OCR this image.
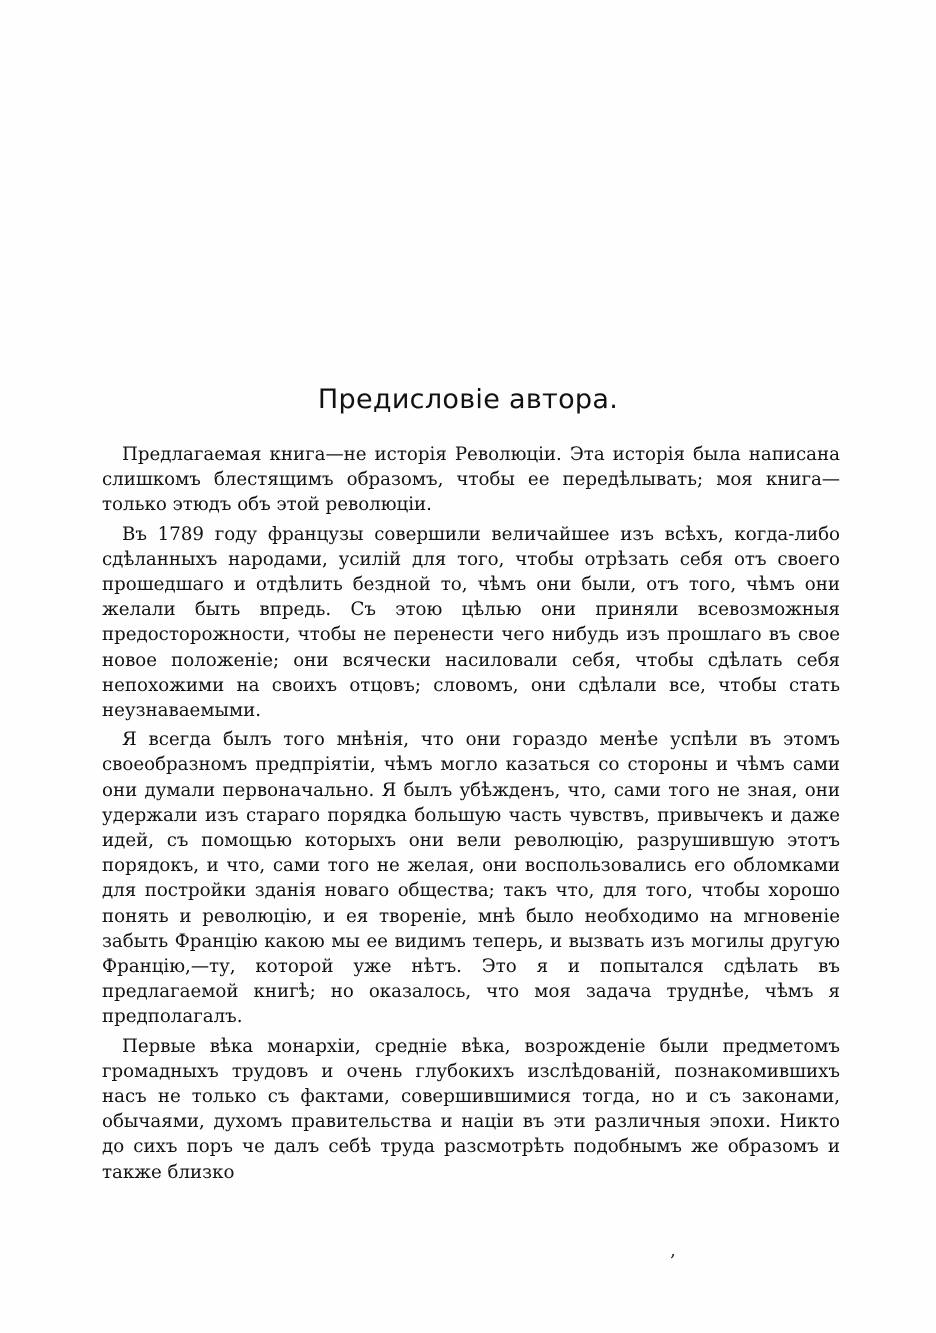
Предисловіе автора.

Предлагаемая книга—не исторія Революціи. Эта исторія была написана слишкомъ блестящимъ образомъ, чтобы ее передѣлывать; моя книга—только этюдъ объ этой революціи.

Въ 1789 году французы совершили величайшее изъ всѣхъ, когда-либо сдѣланныхъ народами, усилій для того, чтобы отрѣзать себя отъ своего прошедшаго и отдѣлить бездной то, чѣмъ они были, отъ того, чѣмъ они желали быть впредь. Съ этою цѣлью они приняли всевозможныя предосторожности, чтобы не перенести чего нибудь изъ прошлаго въ свое новое положеніе; они всячески насиловали себя, чтобы сдѣлать себя непохожими на своихъ отцовъ; словомъ, они сдѣлали все, чтобы стать неузнаваемыми.

Я всегда былъ того мнѣнія, что они гораздо менѣе успѣли въ этомъ своеобразномъ предпріятіи, чѣмъ могло казаться со стороны и чѣмъ сами они думали первоначально. Я былъ убѣжденъ, что, сами того не зная, они удержали изъ стараго порядка большую часть чувствъ, привычекъ и даже идей, съ помощью которыхъ они вели революцію, разрушившую этотъ порядокъ, и что, сами того не желая, они воспользовались его обломками для постройки зданія новаго общества; такъ что, для того, чтобы хорошо понять и революцію, и ея твореніе, мнѣ было необходимо на мгновеніе забыть Францію какою мы ее видимъ теперь, и вызвать изъ могилы другую Францію,—ту, которой уже нѣтъ. Это я и попытался сдѣлать въ предлагаемой книгѣ; но оказалось, что моя задача труднѣе, чѣмъ я предполагалъ.

Первые вѣка монархіи, средніе вѣка, возрожденіе были предметомъ громадныхъ трудовъ и очень глубокихъ изслѣдованій, познакомившихъ насъ не только съ фактами, совершившимися тогда, но и съ законами, обычаями, духомъ правительства и націи въ эти различныя эпохи. Никто до сихъ поръ че далъ себѣ труда разсмотрѣть подобнымъ же образомъ и также близко

‚
